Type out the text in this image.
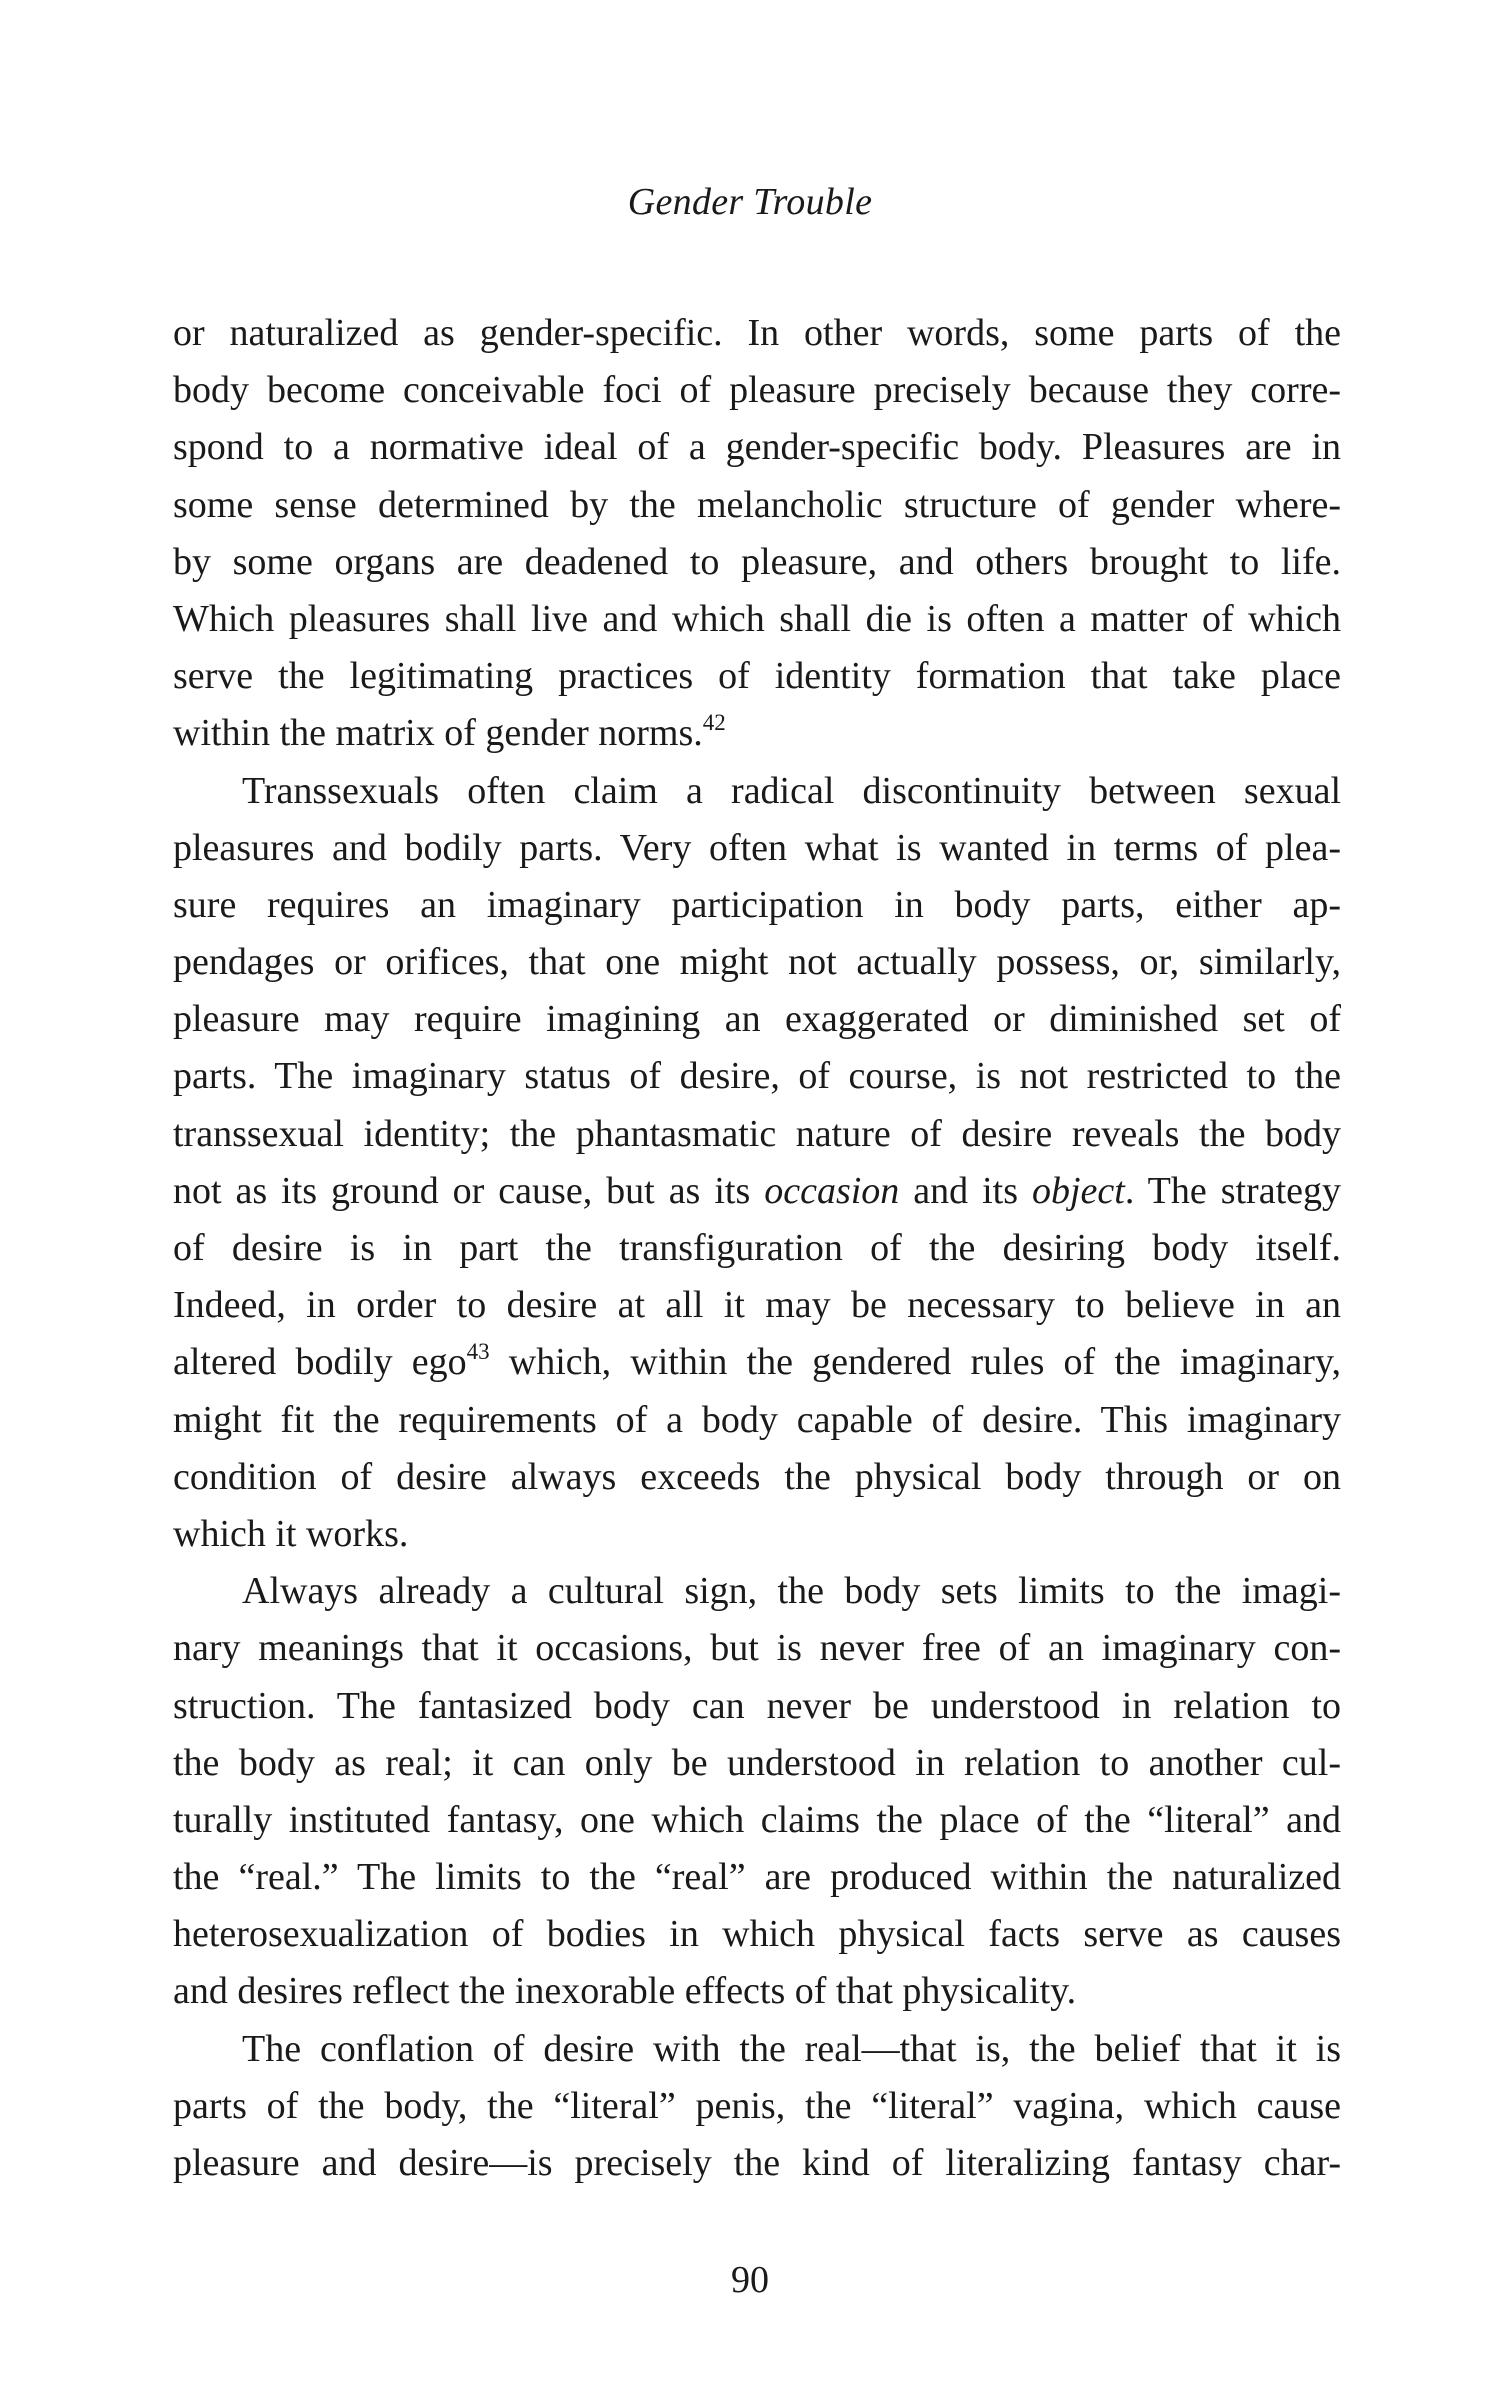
Gender Trouble
or naturalized as gender-specific. In other words, some parts of the
body become conceivable foci of pleasure precisely because they corre-
spond to a normative ideal of a gender-specific body. Pleasures are in
some sense determined by the melancholic structure of gender where-
by some organs are deadened to pleasure, and others brought to life.
Which pleasures shall live and which shall die is often a matter of which
serve the legitimating practices of identity formation that take place
within the matrix of gender norms.$^{42}$
Transsexuals often claim a radical discontinuity between sexual
pleasures and bodily parts. Very often what is wanted in terms of plea-
sure requires an imaginary participation in body parts, either ap-
pendages or orifices, that one might not actually possess, or, similarly,
pleasure may require imagining an exaggerated or diminished set of
parts. The imaginary status of desire, of course, is not restricted to the
transsexual identity; the phantasmatic nature of desire reveals the body
not as its ground or cause, but as its occasion and its object. The strategy
of desire is in part the transfiguration of the desiring body itself.
Indeed, in order to desire at all it may be necessary to believe in an
altered bodily ego$^{43}$ which, within the gendered rules of the imaginary,
might fit the requirements of a body capable of desire. This imaginary
condition of desire always exceeds the physical body through or on
which it works.
Always already a cultural sign, the body sets limits to the imagi-
nary meanings that it occasions, but is never free of an imaginary con-
struction. The fantasized body can never be understood in relation to
the body as real; it can only be understood in relation to another cul-
turally instituted fantasy, one which claims the place of the “literal” and
the “real.” The limits to the “real” are produced within the naturalized
heterosexualization of bodies in which physical facts serve as causes
and desires reflect the inexorable effects of that physicality.
The conflation of desire with the real—that is, the belief that it is
parts of the body, the “literal” penis, the “literal” vagina, which cause
pleasure and desire—is precisely the kind of literalizing fantasy char-
90
